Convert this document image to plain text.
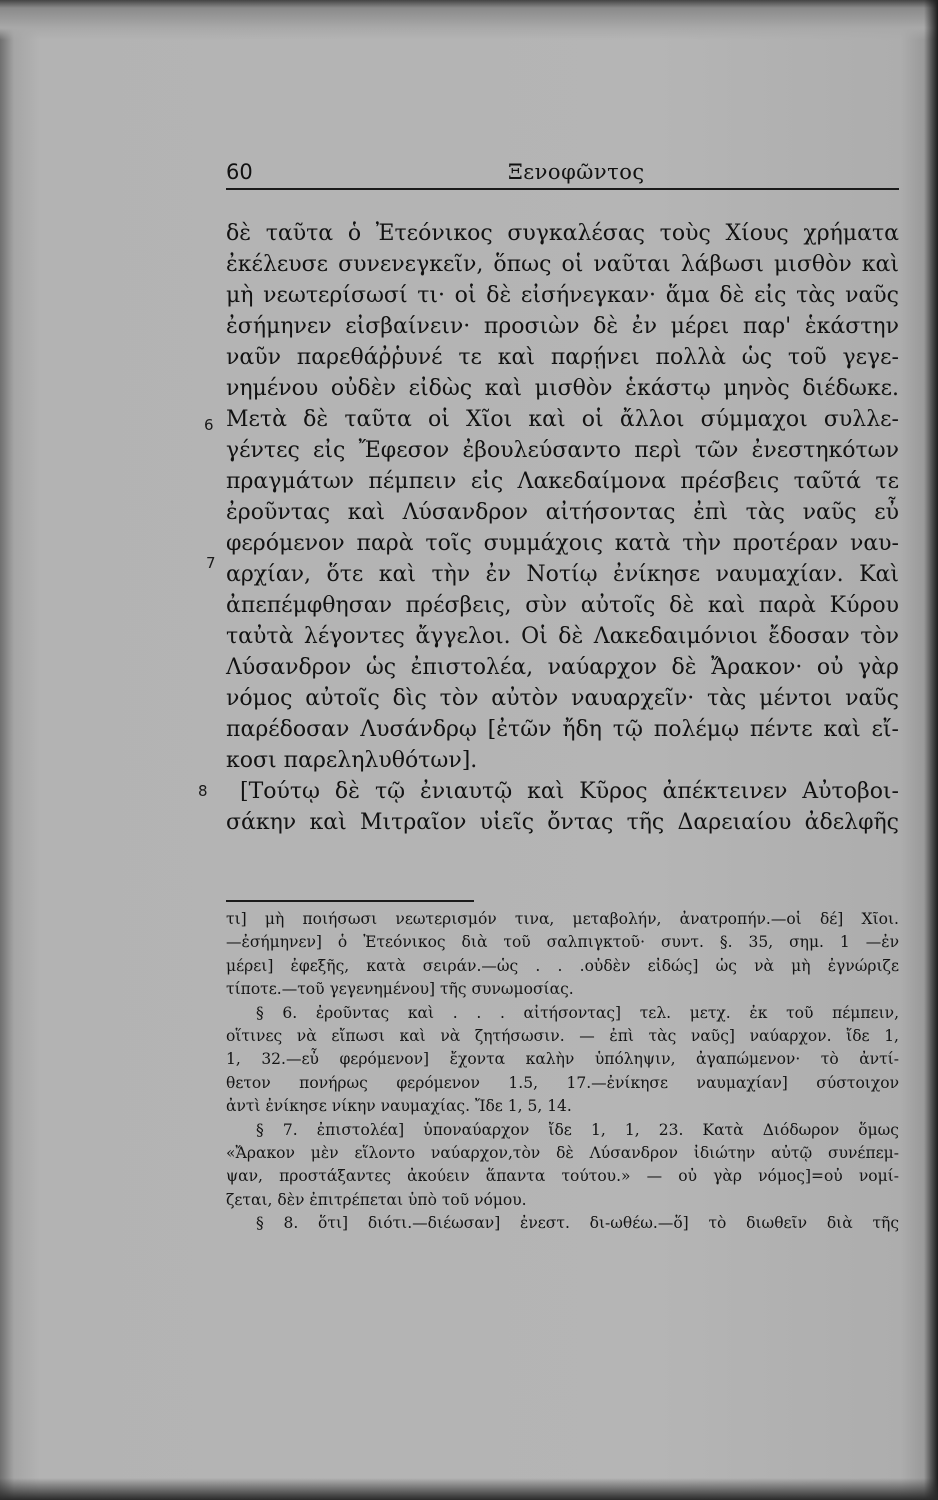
60	Ξενοφῶντος
δὲ ταῦτα ὁ Ἐτεόνικος συγκαλέσας τοὺς Χίους χρήματα
ἐκέλευσε συνενεγκεῖν, ὅπως οἱ ναῦται λάβωσι μισθὸν καὶ
μὴ νεωτερίσωσί τι· οἱ δὲ εἰσήνεγκαν· ἅμα δὲ εἰς τὰς ναῦς
ἐσήμηνεν εἰσβαίνειν· προσιὼν δὲ ἐν μέρει παρ' ἑκάστην
ναῦν παρεθάῤῥυνέ τε καὶ παρῄνει πολλὰ ὡς τοῦ γεγε-
νημένου οὐδὲν εἰδὼς καὶ μισθὸν ἑκάστῳ μηνὸς διέδωκε.
6 Μετὰ δὲ ταῦτα οἱ Χῖοι καὶ οἱ ἄλλοι σύμμαχοι συλλε-
γέντες εἰς Ἔφεσον ἐβουλεύσαντο περὶ τῶν ἐνεστηκότων
πραγμάτων πέμπειν εἰς Λακεδαίμονα πρέσβεις ταῦτά τε
ἐροῦντας καὶ Λύσανδρον αἰτήσοντας ἐπὶ τὰς ναῦς εὖ
φερόμενον παρὰ τοῖς συμμάχοις κατὰ τὴν προτέραν ναυ-
7 αρχίαν, ὅτε καὶ τὴν ἐν Νοτίῳ ἐνίκησε ναυμαχίαν. Καὶ
ἀπεπέμφθησαν πρέσβεις, σὺν αὐτοῖς δὲ καὶ παρὰ Κύρου
ταὐτὰ λέγοντες ἄγγελοι. Οἱ δὲ Λακεδαιμόνιοι ἔδοσαν τὸν
Λύσανδρον ὡς ἐπιστολέα, ναύαρχον δὲ Ἄρακον· οὐ γὰρ
νόμος αὐτοῖς δὶς τὸν αὐτὸν ναυαρχεῖν· τὰς μέντοι ναῦς
παρέδοσαν Λυσάνδρῳ [ἐτῶν ἤδη τῷ πολέμῳ πέντε καὶ εἴ-
κοσι παρεληλυθότων].
8 [Τούτῳ δὲ τῷ ἐνιαυτῷ καὶ Κῦρος ἀπέκτεινεν Αὐτοβοι-
σάκην καὶ Μιτραῖον υἱεῖς ὄντας τῆς Δαρειαίου ἀδελφῆς
τι] μὴ ποιήσωσι νεωτερισμόν τινα, μεταβολήν, ἀνατροπήν.—οἱ δέ] Χῖοι.
—ἐσήμηνεν] ὁ Ἐτεόνικος διὰ τοῦ σαλπιγκτοῦ· συντ. §. 35, σημ. 1 —ἐν
μέρει] ἐφεξῆς, κατὰ σειράν.—ὡς . . .οὐδὲν εἰδώς] ὡς νὰ μὴ ἐγνώριζε
τίποτε.—τοῦ γεγενημένου] τῆς συνωμοσίας.
§ 6. ἐροῦντας καὶ . . . αἰτήσοντας] τελ. μετχ. ἐκ τοῦ πέμπειν,
οἵτινες νὰ εἴπωσι καὶ νὰ ζητήσωσιν. — ἐπὶ τὰς ναῦς] ναύαρχον. ἴδε 1,
1, 32.—εὖ φερόμενον] ἔχοντα καλὴν ὑπόληψιν, ἀγαπώμενον· τὸ ἀντί-
θετον πονήρως φερόμενον 1.5, 17.—ἐνίκησε ναυμαχίαν] σύστοιχον
ἀντὶ ἐνίκησε νίκην ναυμαχίας. Ἴδε 1, 5, 14.
§ 7. ἐπιστολέα] ὑποναύαρχον ἴδε 1, 1, 23. Κατὰ Διόδωρον ὅμως
«Ἄρακον μὲν εἵλοντο ναύαρχον,τὸν δὲ Λύσανδρον ἰδιώτην αὐτῷ συνέπεμ-
ψαν, προστάξαντες ἀκούειν ἅπαντα τούτου.» — οὐ γὰρ νόμος]=οὐ νομί-
ζεται, δὲν ἐπιτρέπεται ὑπὸ τοῦ νόμου.
§ 8. ὅτι] διότι.—διέωσαν] ἐνεστ. δι-ωθέω.—ὅ] τὸ διωθεῖν διὰ τῆς
